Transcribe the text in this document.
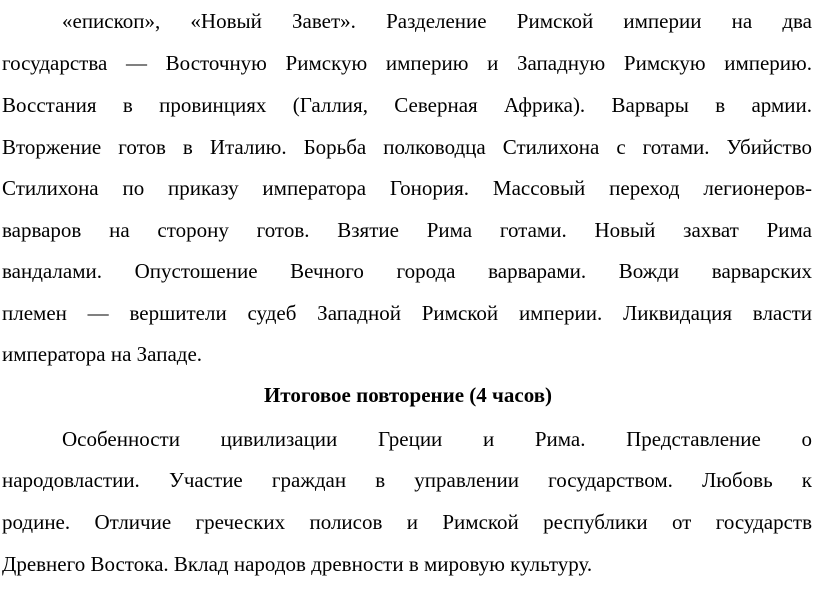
«епископ», «Новый Завет». Разделение Римской империи на два
государства — Восточную Римскую империю и Западную Римскую империю.
Восстания в провинциях (Галлия, Северная Африка). Варвары в армии.
Вторжение готов в Италию. Борьба полководца Стилихона с готами. Убийство
Стилихона по приказу императора Гонория. Массовый переход легионеров-
варваров на сторону готов. Взятие Рима готами. Новый захват Рима
вандалами. Опустошение Вечного города варварами. Вожди варварских
племен — вершители судеб Западной Римской империи. Ликвидация власти
императора на Западе.
Итоговое повторение (4 часов)
Особенности цивилизации Греции и Рима. Представление о
народовластии. Участие граждан в управлении государством. Любовь к
родине. Отличие греческих полисов и Римской республики от государств
Древнего Востока. Вклад народов древности в мировую культуру.
